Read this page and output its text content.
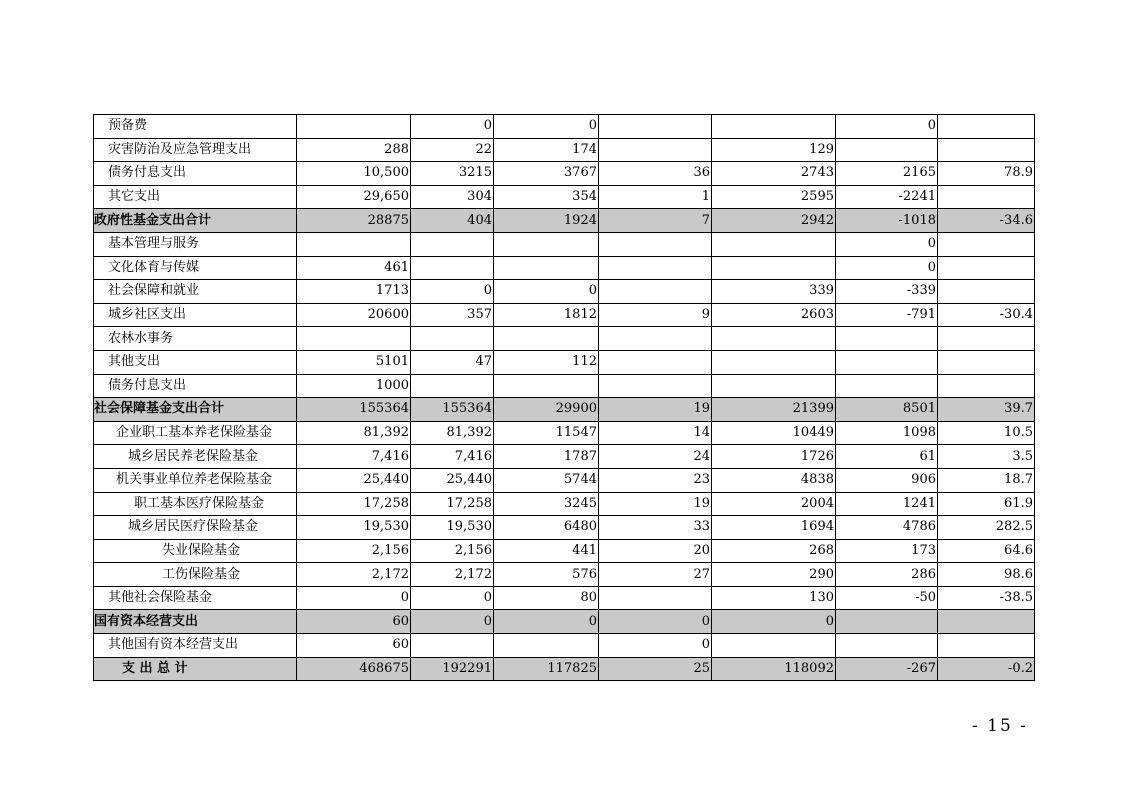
预备费		0	0			0	
灾害防治及应急管理支出	288	22	174		129		
债务付息支出	10,500	3215	3767	36	2743	2165	78.9
其它支出	29,650	304	354	1	2595	-2241	
政府性基金支出合计	28875	404	1924	7	2942	-1018	-34.6
基本管理与服务						0	
文化体育与传媒	461					0	
社会保障和就业	1713	0	0		339	-339	
城乡社区支出	20600	357	1812	9	2603	-791	-30.4
农林水事务							
其他支出	5101	47	112				
债务付息支出	1000						
社会保障基金支出合计	155364	155364	29900	19	21399	8501	39.7
企业职工基本养老保险基金	81,392	81,392	11547	14	10449	1098	10.5
城乡居民养老保险基金	7,416	7,416	1787	24	1726	61	3.5
机关事业单位养老保险基金	25,440	25,440	5744	23	4838	906	18.7
职工基本医疗保险基金	17,258	17,258	3245	19	2004	1241	61.9
城乡居民医疗保险基金	19,530	19,530	6480	33	1694	4786	282.5
失业保险基金	2,156	2,156	441	20	268	173	64.6
工伤保险基金	2,172	2,172	576	27	290	286	98.6
其他社会保险基金	0	0	80		130	-50	-38.5
国有资本经营支出	60	0	0	0	0		
其他国有资本经营支出	60			0			
支 出 总 计	468675	192291	117825	25	118092	-267	-0.2
- 15 -
